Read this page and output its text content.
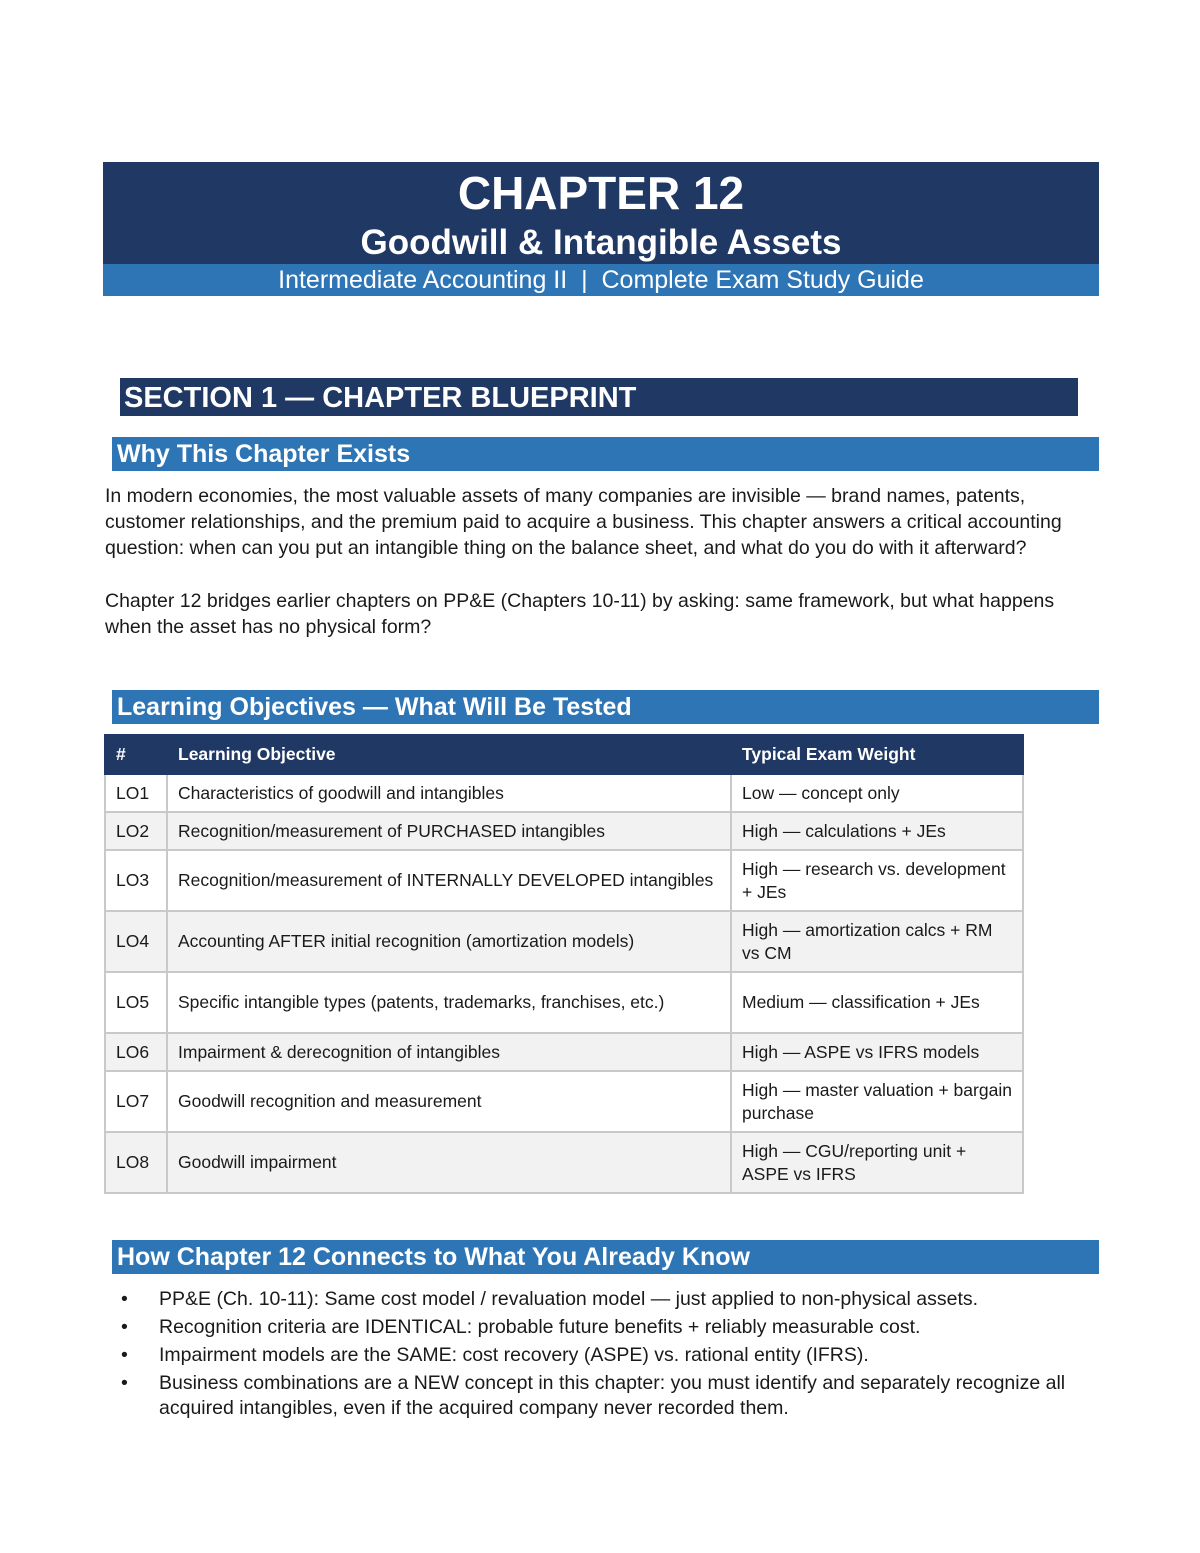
CHAPTER 12
Goodwill & Intangible Assets
Intermediate Accounting II  |  Complete Exam Study Guide
SECTION 1 — CHAPTER BLUEPRINT
Why This Chapter Exists

In modern economies, the most valuable assets of many companies are invisible — brand names, patents, customer relationships, and the premium paid to acquire a business. This chapter answers a critical accounting question: when can you put an intangible thing on the balance sheet, and what do you do with it afterward?

Chapter 12 bridges earlier chapters on PP&E (Chapters 10-11) by asking: same framework, but what happens when the asset has no physical form?

Learning Objectives — What Will Be Tested
#	Learning Objective	Typical Exam Weight
LO1	Characteristics of goodwill and intangibles	Low — concept only
LO2	Recognition/measurement of PURCHASED intangibles	High — calculations + JEs
LO3	Recognition/measurement of INTERNALLY DEVELOPED intangibles	High — research vs. development + JEs
LO4	Accounting AFTER initial recognition (amortization models)	High — amortization calcs + RM vs CM
LO5	Specific intangible types (patents, trademarks, franchises, etc.)	Medium — classification + JEs
LO6	Impairment & derecognition of intangibles	High — ASPE vs IFRS models
LO7	Goodwill recognition and measurement	High — master valuation + bargain purchase
LO8	Goodwill impairment	High — CGU/reporting unit + ASPE vs IFRS
How Chapter 12 Connects to What You Already Know
• PP&E (Ch. 10-11): Same cost model / revaluation model — just applied to non-physical assets.
• Recognition criteria are IDENTICAL: probable future benefits + reliably measurable cost.
• Impairment models are the SAME: cost recovery (ASPE) vs. rational entity (IFRS).
• Business combinations are a NEW concept in this chapter: you must identify and separately recognize all acquired intangibles, even if the acquired company never recorded them.
